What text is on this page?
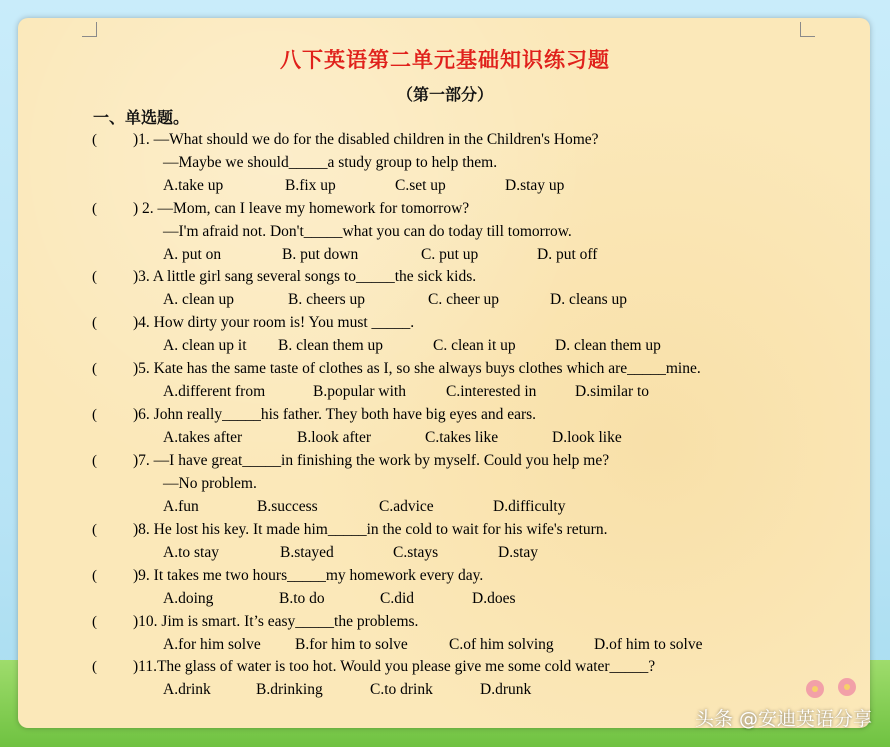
八下英语第二单元基础知识练习题
（第一部分）
一、单选题。
( )1. —What should we do for the disabled children in the Children's Home?
—Maybe we should_____a study group to help them.
A.take up	B.fix up	C.set up	D.stay up
( ) 2. —Mom, can I leave my homework for tomorrow?
—I'm afraid not. Don't_____what you can do today till tomorrow.
A. put on	B. put down	C. put up	D. put off
( )3. A little girl sang several songs to_____the sick kids.
A. clean up	B. cheers up	C. cheer up	D. cleans up
( )4. How dirty your room is! You must _____.
A. clean up it B. clean them up	C. clean it up	D. clean them up
( )5. Kate has the same taste of clothes as I, so she always buys clothes which are_____mine.
A.different from	B.popular with	C.interested in D.similar to
( )6. John really_____his father. They both have big eyes and ears.
A.takes after	B.look after	C.takes like	D.look like
( )7. —I have great_____in finishing the work by myself. Could you help me?
—No problem.
A.fun	B.success	C.advice	D.difficulty
( )8. He lost his key. It made him_____in the cold to wait for his wife's return.
A.to stay	B.stayed	C.stays	D.stay
( )9. It takes me two hours_____my homework every day.
A.doing	B.to do	C.did	D.does
( )10. Jim is smart. It’s easy_____the problems.
A.for him solve B.for him to solve	C.of him solving	D.of him to solve
( )11.The glass of water is too hot. Would you please give me some cold water_____?
A.drink	B.drinking	C.to drink	D.drunk
头条 @安迪英语分享
